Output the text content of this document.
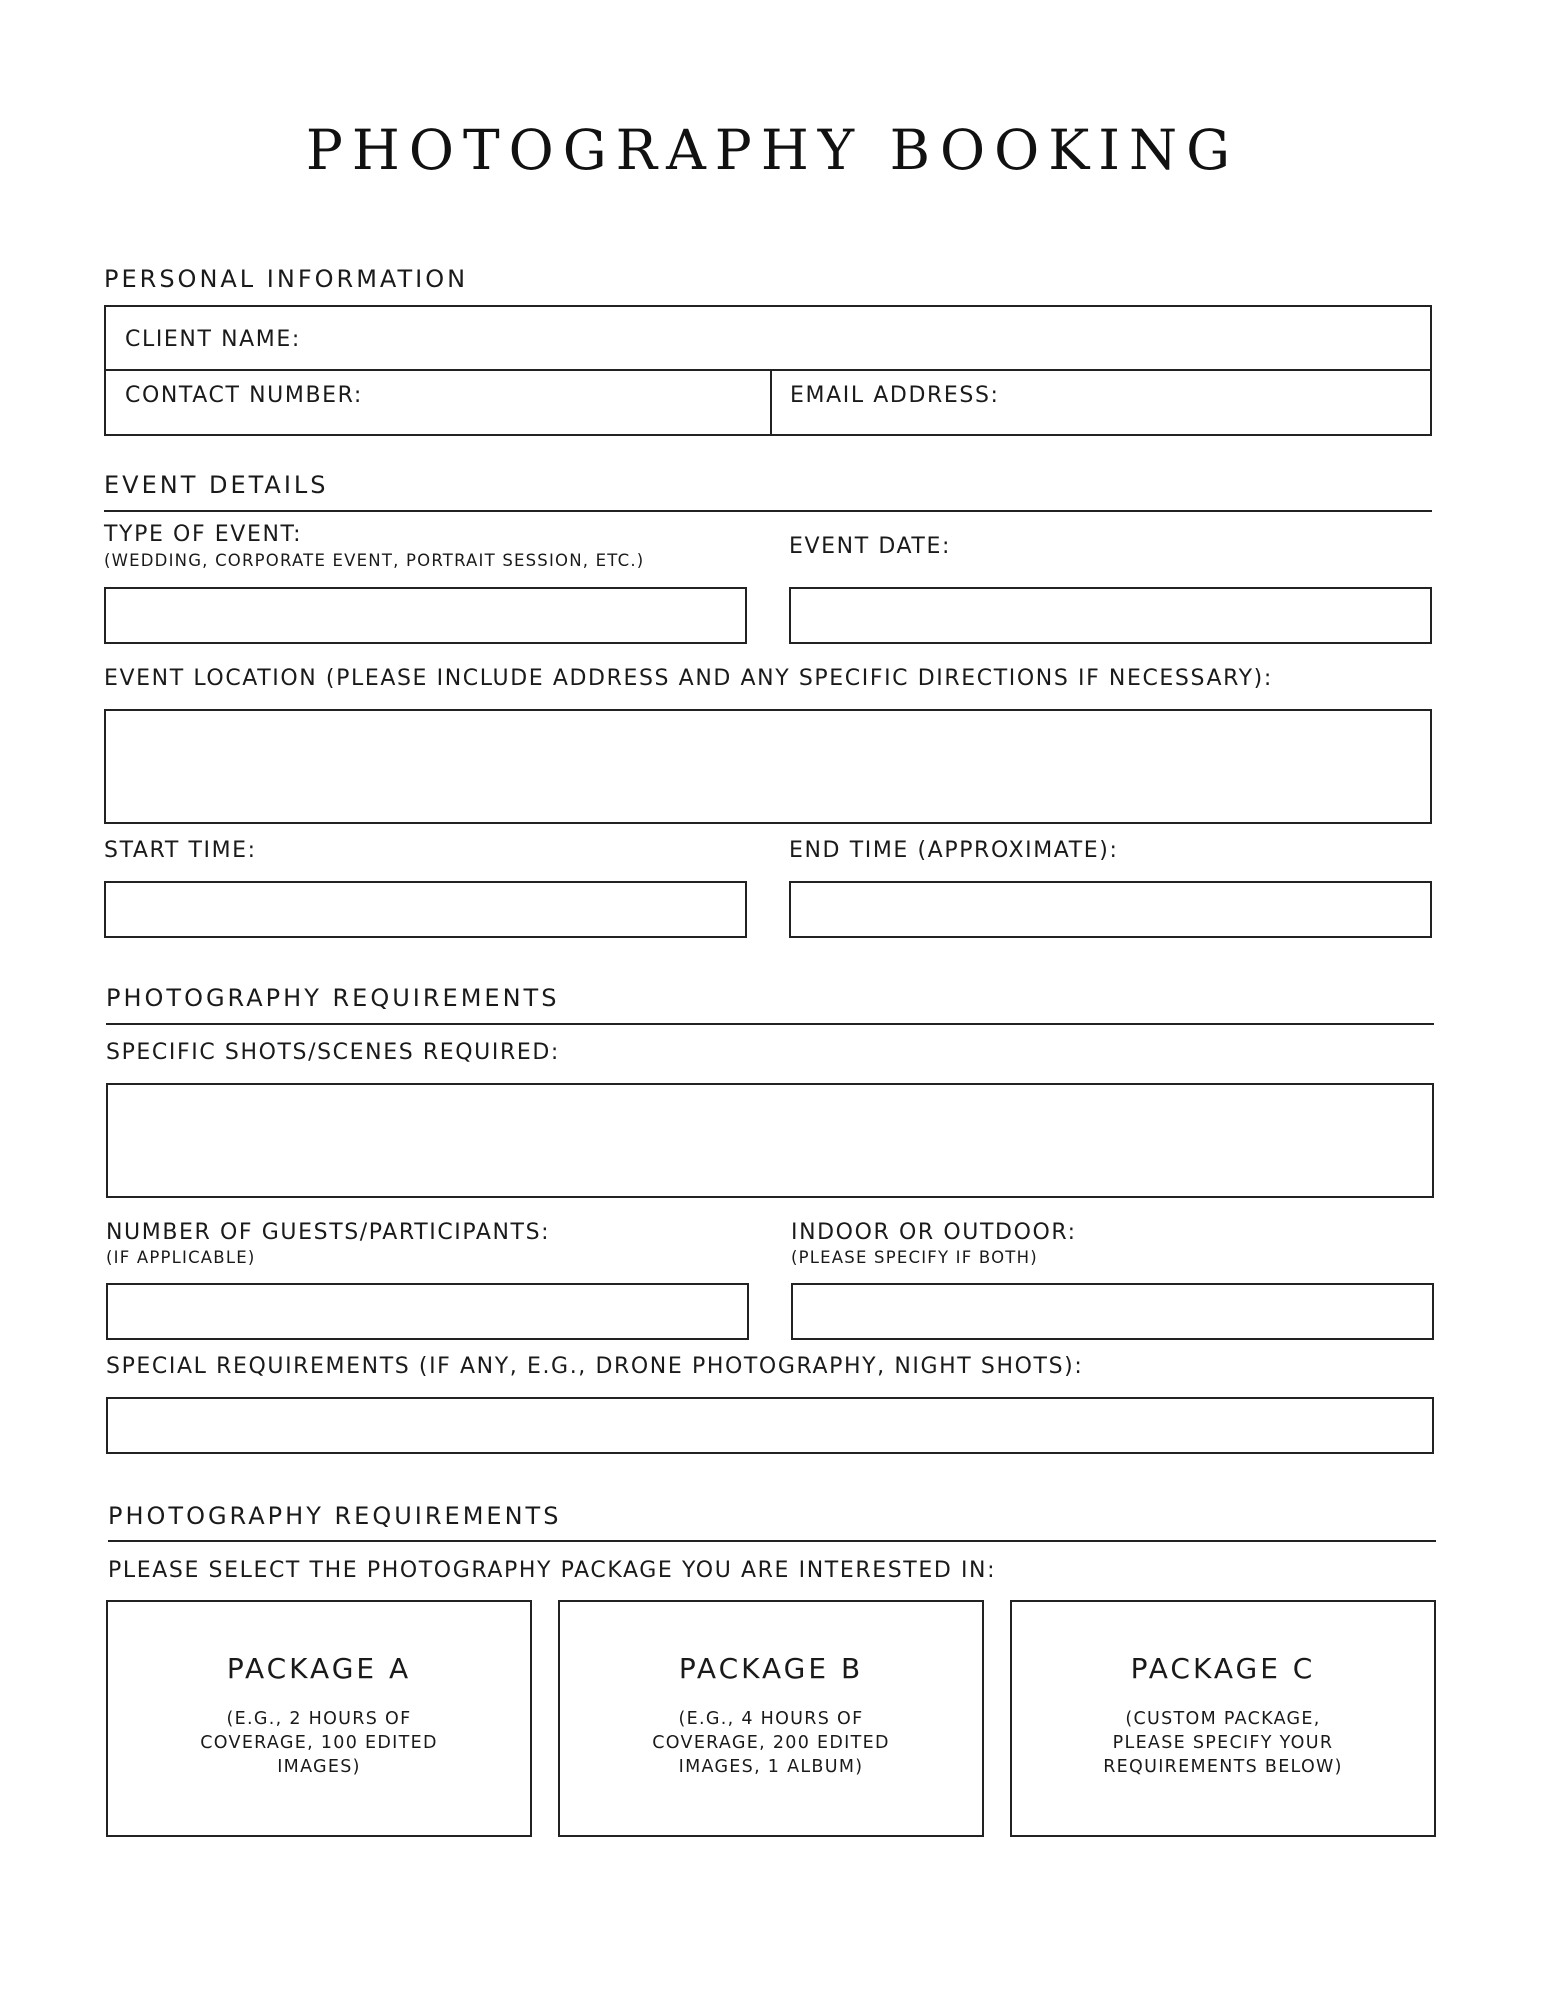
PHOTOGRAPHY BOOKING
PERSONAL INFORMATION
CLIENT NAME:
CONTACT NUMBER:	EMAIL ADDRESS:
EVENT DETAILS
TYPE OF EVENT:
(WEDDING, CORPORATE EVENT, PORTRAIT SESSION, ETC.)
EVENT DATE:
EVENT LOCATION (PLEASE INCLUDE ADDRESS AND ANY SPECIFIC DIRECTIONS IF NECESSARY):
START TIME:	END TIME (APPROXIMATE):
PHOTOGRAPHY REQUIREMENTS
SPECIFIC SHOTS/SCENES REQUIRED:
NUMBER OF GUESTS/PARTICIPANTS:
(IF APPLICABLE)
INDOOR OR OUTDOOR:
(PLEASE SPECIFY IF BOTH)
SPECIAL REQUIREMENTS (IF ANY, E.G., DRONE PHOTOGRAPHY, NIGHT SHOTS):
PHOTOGRAPHY REQUIREMENTS
PLEASE SELECT THE PHOTOGRAPHY PACKAGE YOU ARE INTERESTED IN:
PACKAGE A
(E.G., 2 HOURS OF COVERAGE, 100 EDITED IMAGES)
PACKAGE B
(E.G., 4 HOURS OF COVERAGE, 200 EDITED IMAGES, 1 ALBUM)
PACKAGE C
(CUSTOM PACKAGE, PLEASE SPECIFY YOUR REQUIREMENTS BELOW)
